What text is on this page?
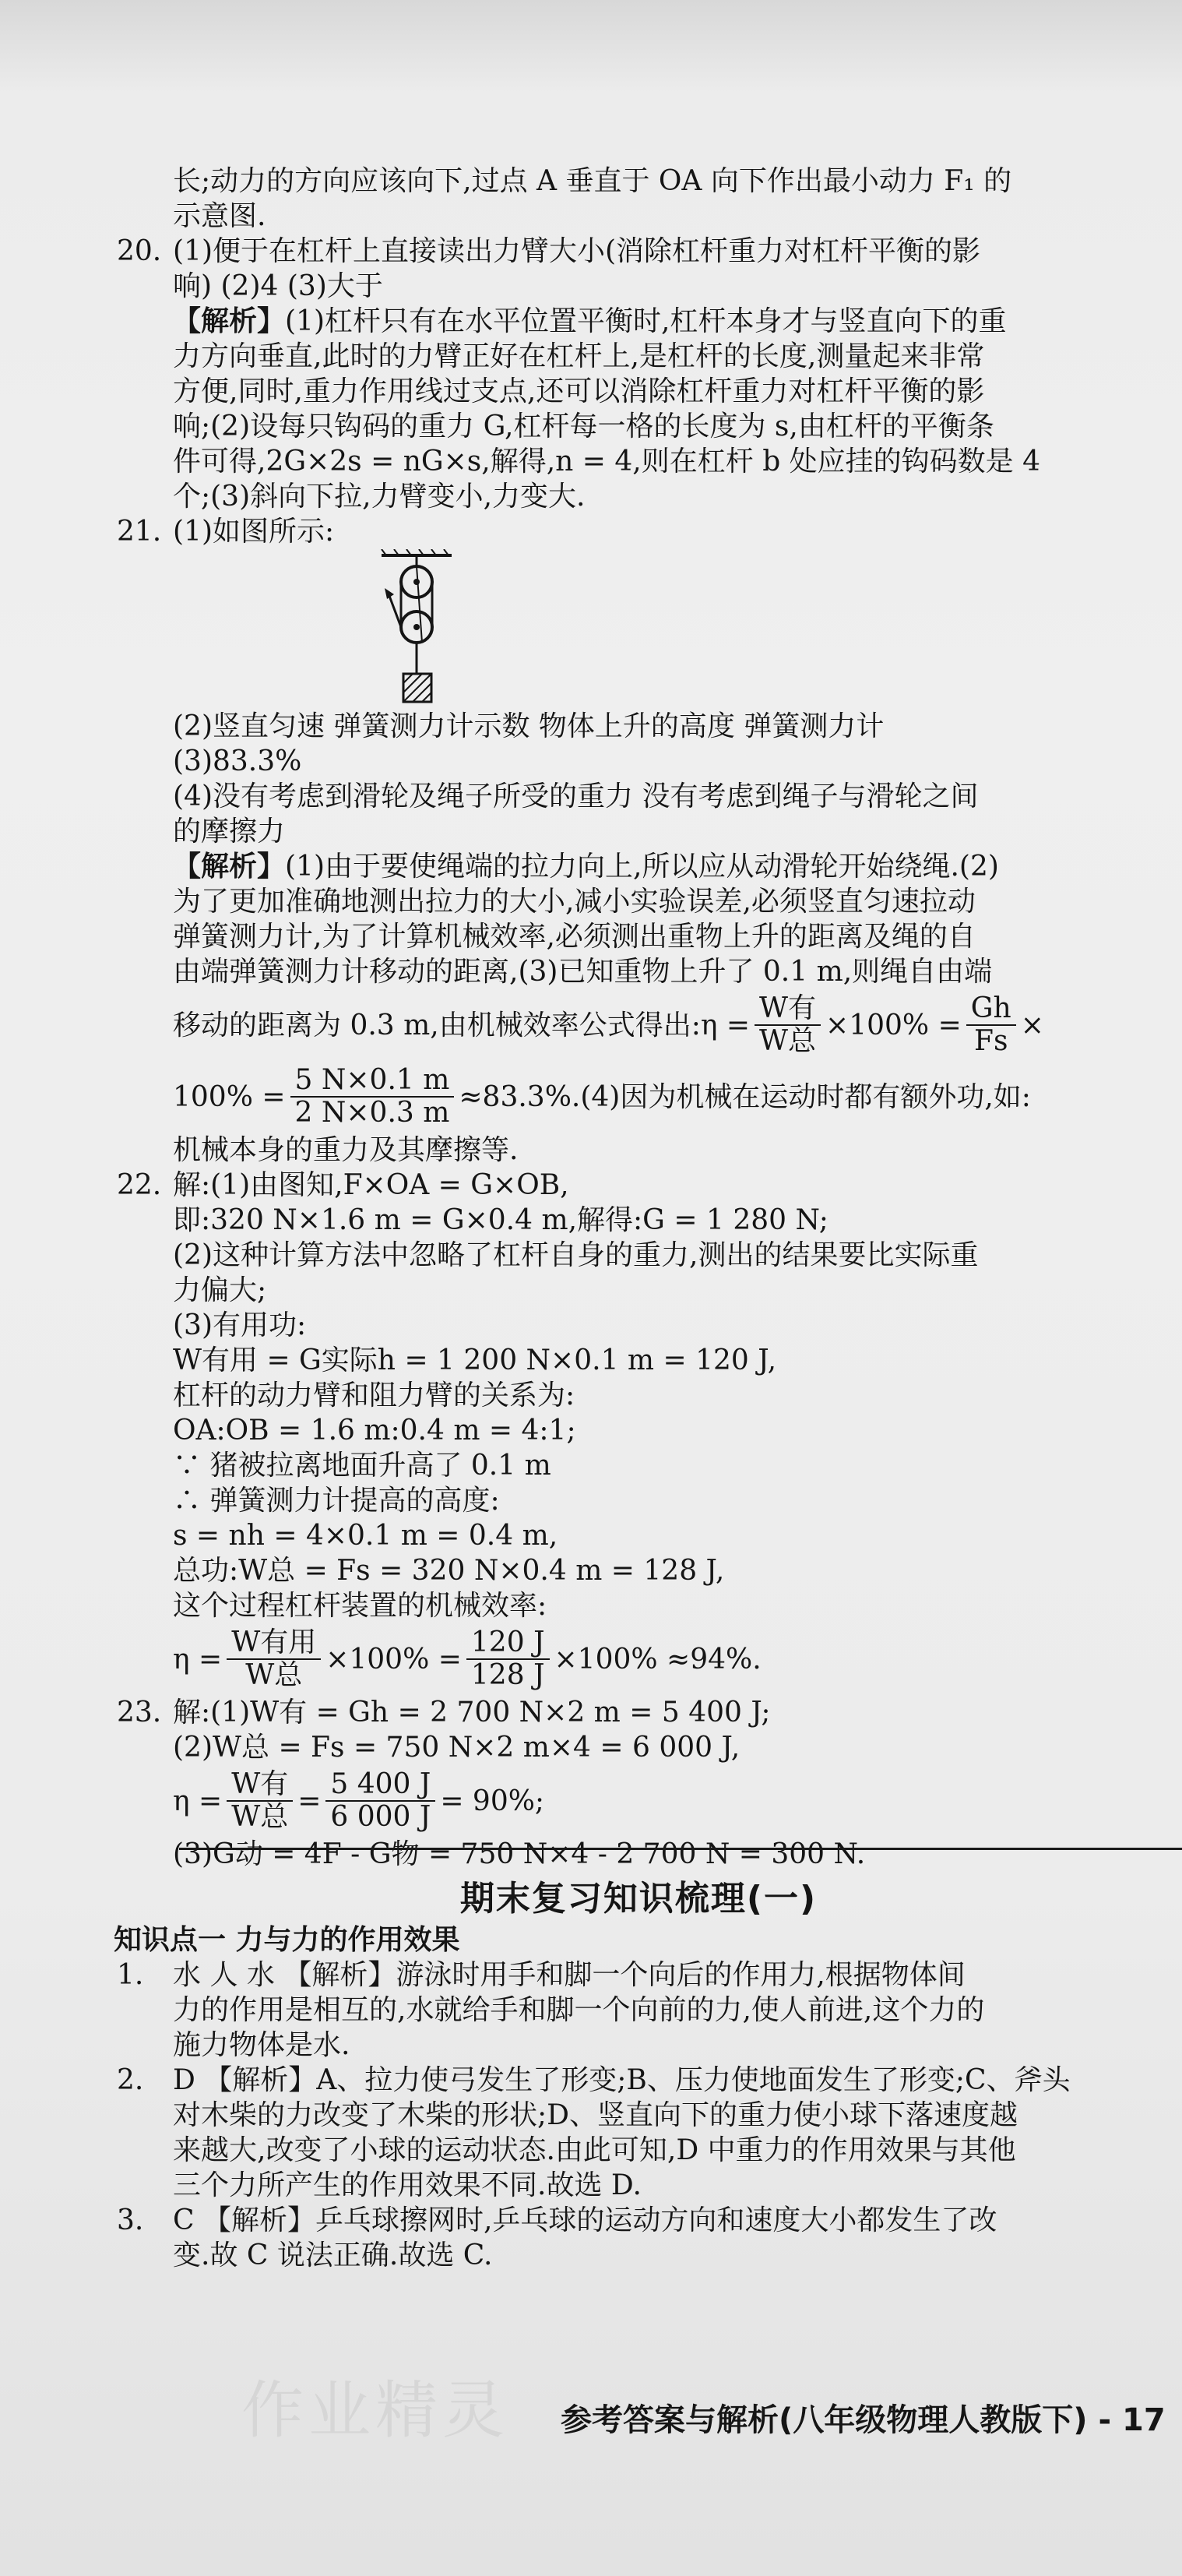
长;动力的方向应该向下,过点 A 垂直于 OA 向下作出最小动力 F₁ 的

示意图.

20. (1)便于在杠杆上直接读出力臂大小(消除杠杆重力对杠杆平衡的影

响) (2)4 (3)大于

【解析】(1)杠杆只有在水平位置平衡时,杠杆本身才与竖直向下的重

力方向垂直,此时的力臂正好在杠杆上,是杠杆的长度,测量起来非常

方便,同时,重力作用线过支点,还可以消除杠杆重力对杠杆平衡的影

响;(2)设每只钩码的重力 G,杠杆每一格的长度为 s,由杠杆的平衡条

件可得,2G×2s = nG×s,解得,n = 4,则在杠杆 b 处应挂的钩码数是 4

个;(3)斜向下拉,力臂变小,力变大.

21. (1)如图所示:

(2)竖直匀速 弹簧测力计示数 物体上升的高度 弹簧测力计

(3)83.3%

(4)没有考虑到滑轮及绳子所受的重力 没有考虑到绳子与滑轮之间

的摩擦力

【解析】(1)由于要使绳端的拉力向上,所以应从动滑轮开始绕绳.(2)

为了更加准确地测出拉力的大小,减小实验误差,必须竖直匀速拉动

弹簧测力计,为了计算机械效率,必须测出重物上升的距离及绳的自

由端弹簧测力计移动的距离,(3)已知重物上升了 0.1 m,则绳自由端

移动的距离为 0.3 m,由机械效率公式得出:η = $\frac{\text{W有}}{\text{W总}} \times 100\% = \frac{Gh}{Fs}$ ×
$100\% = \frac{5 N\times 0.1 m}{2 N\times 0.3 m} \approx 83.3\%.(4)$因为机械在运动时都有额外功,如:

机械本身的重力及其摩擦等.

22. 解:(1)由图知,F×OA = G×OB,

即:320 N×1.6 m = G×0.4 m,解得:G = 1 280 N;

(2)这种计算方法中忽略了杠杆自身的重力,测出的结果要比实际重

力偏大;

(3)有用功:

W有用 = G实际h = 1 200 N×0.1 m = 120 J,

杠杆的动力臂和阻力臂的关系为:

OA:OB = 1.6 m:0.4 m = 4:1;

∵ 猪被拉离地面升高了 0.1 m

∴ 弹簧测力计提高的高度:

s = nh = 4×0.1 m = 0.4 m,

总功:W总 = Fs = 320 N×0.4 m = 128 J,

这个过程杠杆装置的机械效率:

$\eta = \frac{\text{W有用}}{\text{W总}} \times 100\% = \frac{120 J}{128 J} \times 100\% \approx 94\%$.

23. 解:(1)W有 = Gh = 2 700 N×2 m = 5 400 J;

(2)W总 = Fs = 750 N×2 m×4 = 6 000 J,

$\eta = \frac{\text{W有}}{\text{W总}} = \frac{5 400 J}{6 000 J} = 90\%$;

(3)G动 = 4F - G物 = 750 N×4 - 2 700 N = 300 N.

期末复习知识梳理(一)

知识点一 力与力的作用效果

1. 水 人 水 【解析】游泳时用手和脚一个向后的作用力,根据物体间

力的作用是相互的,水就给手和脚一个向前的力,使人前进,这个力的

施力物体是水.

2. D 【解析】A、拉力使弓发生了形变;B、压力使地面发生了形变;C、斧头

对木柴的力改变了木柴的形状;D、竖直向下的重力使小球下落速度越

来越大,改变了小球的运动状态.由此可知,D 中重力的作用效果与其他

三个力所产生的作用效果不同.故选 D.

3. C 【解析】乒乓球擦网时,乒乓球的运动方向和速度大小都发生了改

变.故 C 说法正确.故选 C.

作业精灵 参考答案与解析(八年级物理人教版下) - 17
